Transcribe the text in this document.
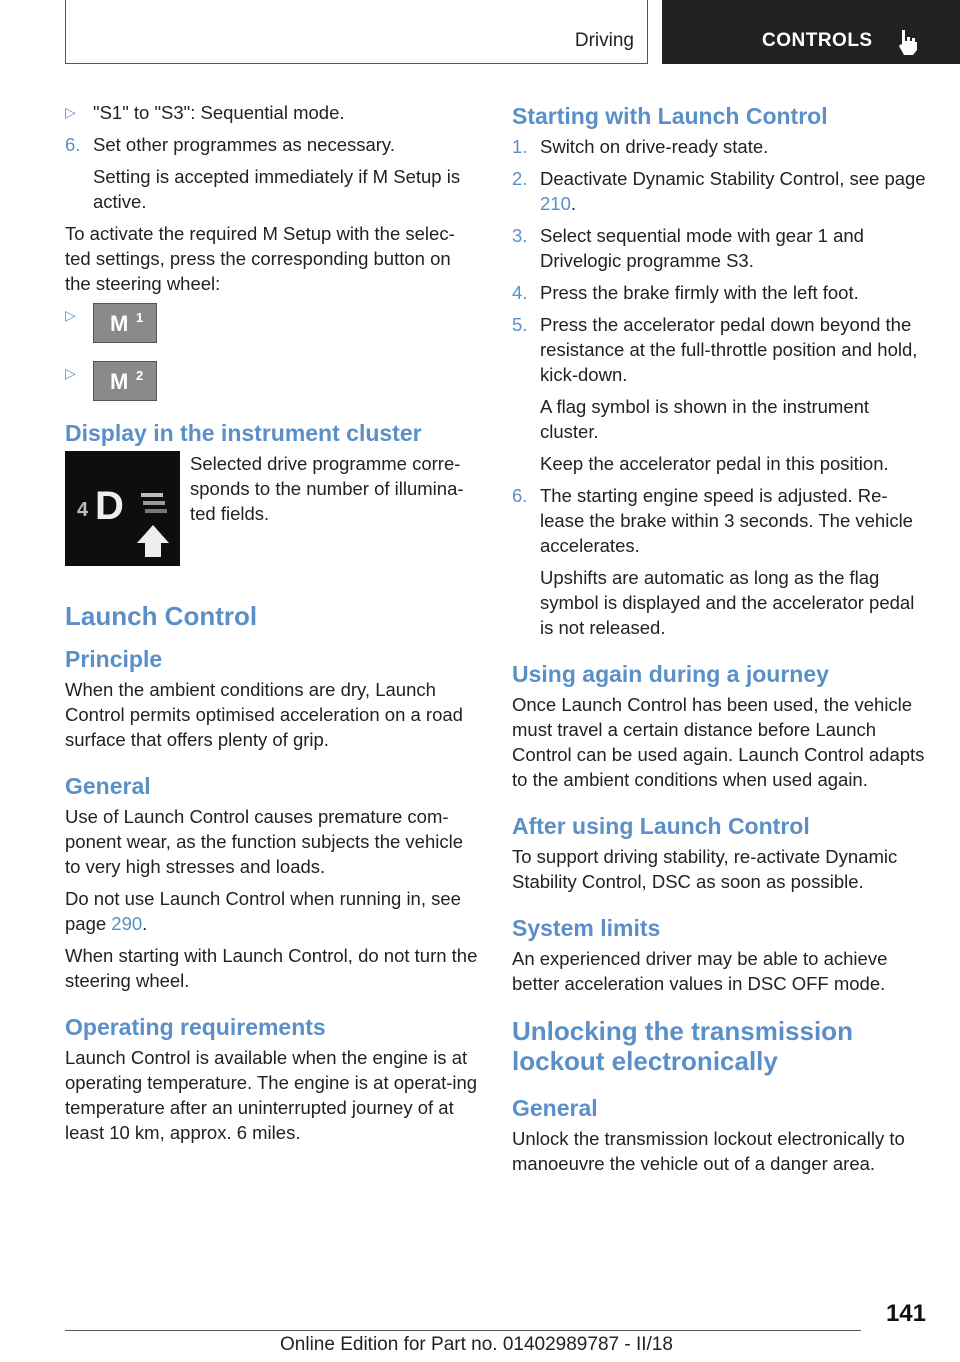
Driving	CONTROLS
▷ "S1" to "S3": Sequential mode.
6. Set other programmes as necessary.

Setting is accepted immediately if M Setup is active.

To activate the required M Setup with the selec‐ted settings, press the corresponding button on the steering wheel:

▷ M 1
▷ M 2
Display in the instrument cluster
4 D
Selected drive programme corre‐sponds to the number of illumina‐ted fields.
Launch Control
Principle

When the ambient conditions are dry, Launch Control permits optimised acceleration on a road surface that offers plenty of grip.

General

Use of Launch Control causes premature com‐ponent wear, as the function subjects the vehicle to very high stresses and loads.

Do not use Launch Control when running in, see page 290.

When starting with Launch Control, do not turn the steering wheel.

Operating requirements

Launch Control is available when the engine is at operating temperature. The engine is at operat‐ing temperature after an uninterrupted journey of at least 10 km, approx. 6 miles.

Starting with Launch Control
1. Switch on drive-ready state.
2. Deactivate Dynamic Stability Control, see page 210.
3. Select sequential mode with gear 1 and Drivelogic programme S3.
4. Press the brake firmly with the left foot.
5. Press the accelerator pedal down beyond the resistance at the full-throttle position and hold, kick-down.

A flag symbol is shown in the instrument cluster.

Keep the accelerator pedal in this position.

6. The starting engine speed is adjusted. Re‐lease the brake within 3 seconds. The vehicle accelerates.

Upshifts are automatic as long as the flag symbol is displayed and the accelerator pedal is not released.

Using again during a journey

Once Launch Control has been used, the vehicle must travel a certain distance before Launch Control can be used again. Launch Control adapts to the ambient conditions when used again.

After using Launch Control

To support driving stability, re-activate Dynamic Stability Control, DSC as soon as possible.

System limits

An experienced driver may be able to achieve better acceleration values in DSC OFF mode.

Unlocking the transmission lockout electronically
General

Unlock the transmission lockout electronically to manoeuvre the vehicle out of a danger area.

141
Online Edition for Part no. 01402989787 - II/18
